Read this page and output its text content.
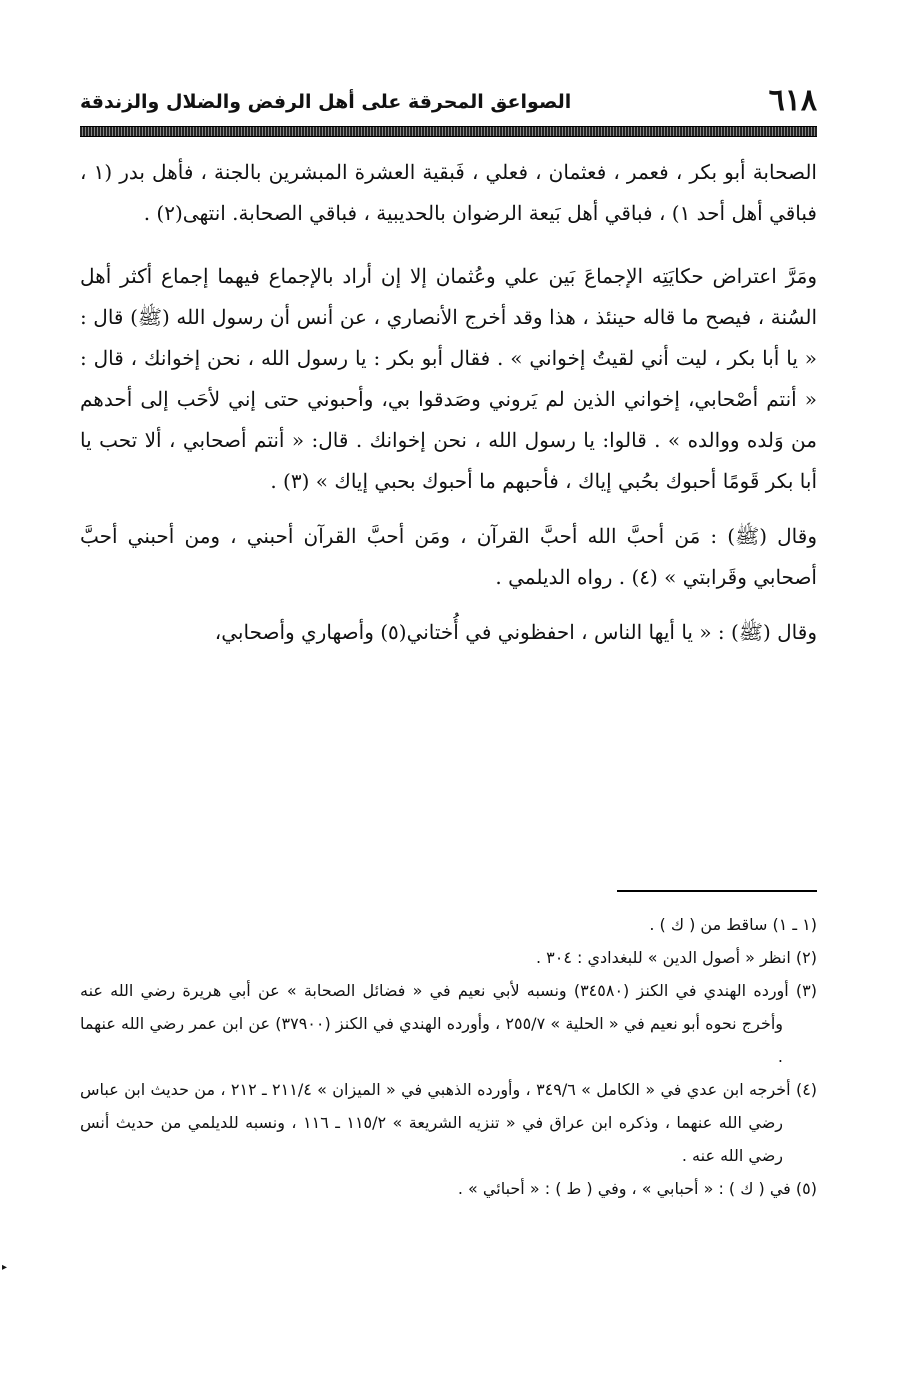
٦١٨
الصواعق المحرقة على أهل الرفض والضلال والزندقة

الصحابة أبو بكر ، فعمر ، فعثمان ، فعلي ، فَبقية العشرة المبشرين بالجنة ، فأهل بدر (١ ، فباقي أهل أحد ١) ، فباقي أهل بَيعة الرضوان بالحديبية ، فباقي الصحابة. انتهى(٢) .

ومَرَّ اعتراض حكايَتِه الإجماعَ بَين علي وعُثمان إلا إن أراد بالإجماع فيهما إجماع أكثر أهل السُنة ، فيصح ما قاله حينئذ ، هذا وقد أخرج الأنصاري ، عن أنس أن رسول الله (ﷺ) قال : « يا أبا بكر ، ليت أني لقيتُ إخواني » . فقال أبو بكر : يا رسول الله ، نحن إخوانك ، قال : « أنتم أصْحابي، إخواني الذين لم يَروني وصَدقوا بي، وأحبوني حتى إني لأحَب إلى أحدهم من وَلده ووالده » . قالوا: يا رسول الله ، نحن إخوانك . قال: « أنتم أصحابي ، ألا تحب يا أبا بكر قَومًا أحبوك بحُبي إياك ، فأحبهم ما أحبوك بحبي إياك » (٣) .

وقال (ﷺ) : مَن أحبَّ الله أحبَّ القرآن ، ومَن أحبَّ القرآن أحبني ، ومن أحبني أحبَّ أصحابي وقَرابتي » (٤) . رواه الديلمي .

وقال (ﷺ) : « يا أيها الناس ، احفظوني في أُختاني(٥) وأصهاري وأصحابي،

(١ ـ ١) ساقط من ( ك ) .

(٢) انظر « أصول الدين » للبغدادي : ٣٠٤ .

(٣) أورده الهندي في الكنز (٣٤٥٨٠) ونسبه لأبي نعيم في « فضائل الصحابة » عن أبي هريرة رضي الله عنه وأخرج نحوه أبو نعيم في « الحلية » ٢٥٥/٧ ، وأورده الهندي في الكنز (٣٧٩٠٠) عن ابن عمر رضي الله عنهما .

(٤) أخرجه ابن عدي في « الكامل » ٣٤٩/٦ ، وأورده الذهبي في « الميزان » ٢١١/٤ ـ ٢١٢ ، من حديث ابن عباس رضي الله عنهما ، وذكره ابن عراق في « تنزيه الشريعة » ١١٥/٢ ـ ١١٦ ، ونسبه للديلمي من حديث أنس رضي الله عنه .

(٥) في ( ك ) : « أحبابي » ، وفي ( ط ) : « أحبائي » .

▸
